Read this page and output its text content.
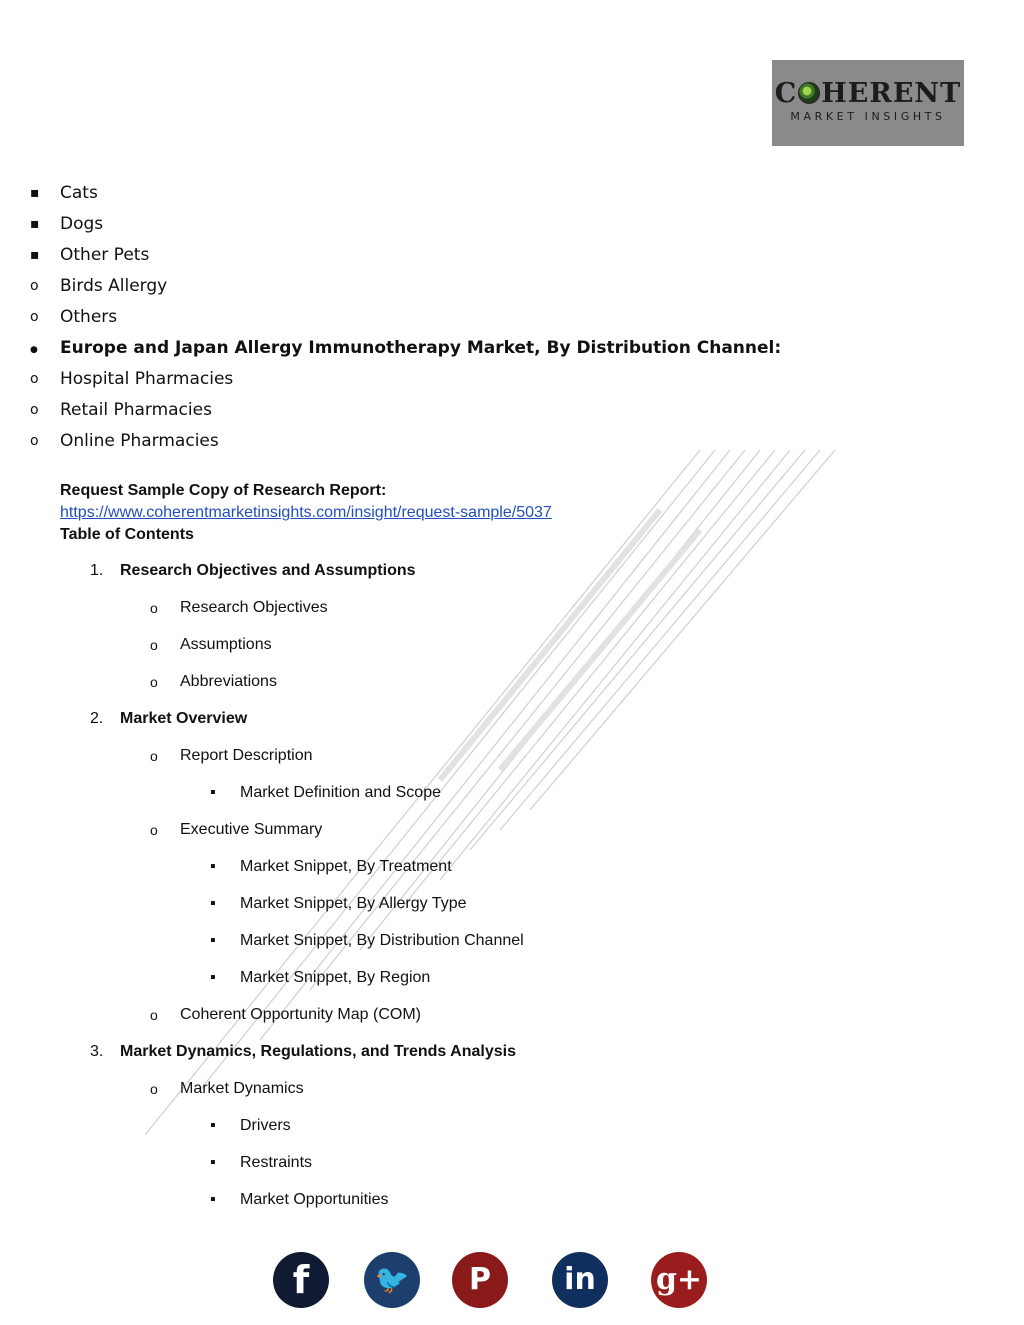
C HERENT
MARKET INSIGHTS
▪
Cats
▪
Dogs
▪
Other Pets
o
Birds Allergy
o
Others
●
Europe and Japan Allergy Immunotherapy Market, By Distribution Channel:
o
Hospital Pharmacies
o
Retail Pharmacies
o
Online Pharmacies
Request Sample Copy of Research Report:
https://www.coherentmarketinsights.com/insight/request-sample/5037
Table of Contents
1. Research Objectives and Assumptions
o Research Objectives
o Assumptions
o Abbreviations
2. Market Overview
o Report Description
▪ Market Definition and Scope
o Executive Summary
▪ Market Snippet, By Treatment
▪ Market Snippet, By Allergy Type
▪ Market Snippet, By Distribution Channel
▪ Market Snippet, By Region
o Coherent Opportunity Map (COM)
3. Market Dynamics, Regulations, and Trends Analysis
o Market Dynamics
▪ Drivers
▪ Restraints
▪ Market Opportunities
f	🐦	P	in	g+
